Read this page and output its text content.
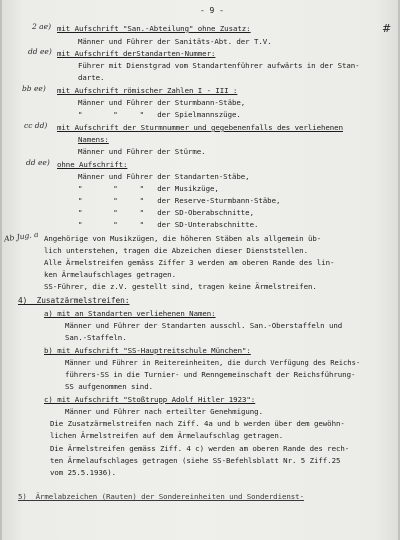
- 9 -
#
2 ae)
dd ee)
bb ee)
cc dd)
dd ee)
Ab Jug. a
mit Aufschrift "San.-Abteilung" ohne Zusatz:
Männer und Führer der Sanitäts-Abt. der T.V.
mit Aufschrift derStandarten-Nummer:
Führer mit Dienstgrad vom Standartenführer aufwärts in der Stan-
darte.
mit Aufschrift römischer Zahlen I - III :
Männer und Führer der Sturmbann-Stäbe,
"       "     "   der Spielmannszüge.
mit Aufschrift der Sturmnummer und gegebenenfalls des verliehenen
Namens:
Männer und Führer der Stürme.
ohne Aufschrift:
Männer und Führer der Standarten-Stäbe,
"       "     "   der Musikzüge,
"       "     "   der Reserve-Sturmbann-Stäbe,
"       "     "   der SD-Oberabschnitte,
"       "     "   der SD-Unterabschnitte.
Angehörige von Musikzügen, die höheren Stäben als allgemein üb-
lich unterstehen, tragen die Abzeichen dieser Dienststellen.
Alle Ärmelstreifen gemäss Ziffer 3 werden am oberen Rande des lin-
ken Ärmelaufschlages getragen.
SS-Führer, die z.V. gestellt sind, tragen keine Ärmelstreifen.
4)  Zusatzärmelstreifen:
a) mit an Standarten verliehenen Namen:
Männer und Führer der Standarten ausschl. San.-Oberstaffeln und
San.-Staffeln.
b) mit Aufschrift "SS-Hauptreitschule München":
Männer und Führer in Reitereinheiten, die durch Verfügung des Reichs-
führers-SS in die Turnier- und Renngemeinschaft der Reichsführung-
SS aufgenommen sind.
c) mit Aufschrift "Stoßtrupp Adolf Hitler 1923":
Männer und Führer nach erteilter Genehmigung.
Die Zusatzärmelstreifen nach Ziff. 4a und b werden über dem gewöhn-
lichen Ärmelstreifen auf dem Ärmelaufschlag getragen.
Die Ärmelstreifen gemäss Ziff. 4 c) werden am oberen Rande des rech-
ten Ärmelaufschlages getragen (siehe SS-Befehlsblatt Nr. 5 Ziff.25
vom 25.5.1936).
5)  Ärmelabzeichen (Rauten) der Sondereinheiten und Sonderdienst-
